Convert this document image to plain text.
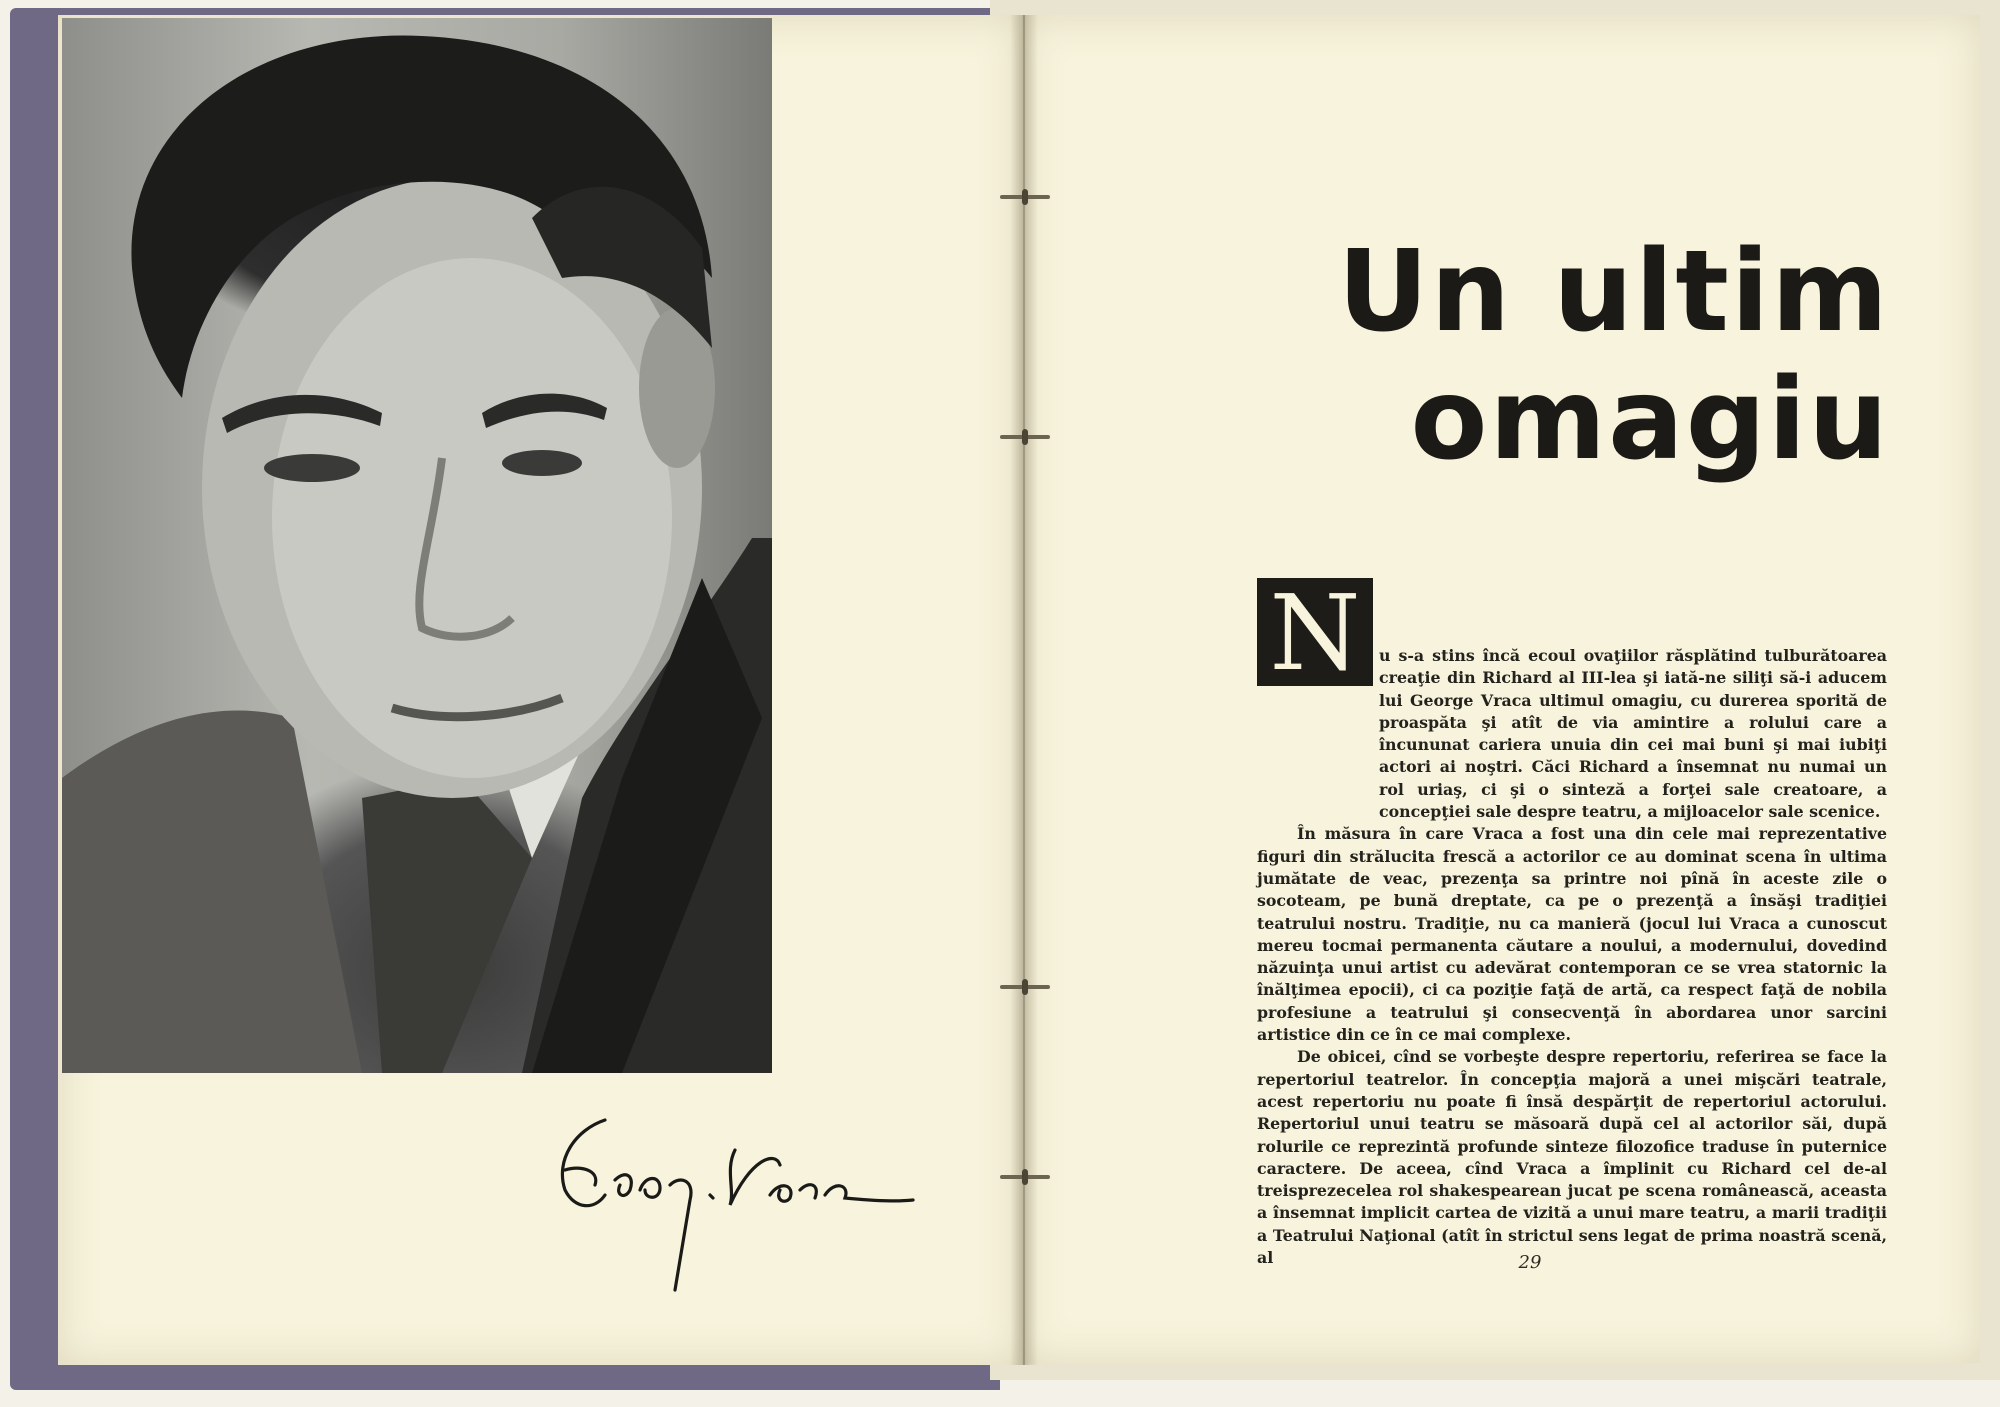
Un ultim
omagiu
N	u s-a stins încă ecoul ovaţiilor răsplătind tulburătoarea creaţie din Richard al III-lea şi iată-ne siliţi să-i aducem lui George Vraca ultimul omagiu, cu durerea sporită de proaspăta şi atît de via amintire a rolului care a încununat cariera unuia din cei mai buni şi mai iubiţi actori ai noştri. Căci Richard a însemnat nu numai un rol uriaş, ci şi o sinteză a forţei sale creatoare, a concepţiei sale despre teatru, a mijloacelor sale scenice.

În măsura în care Vraca a fost una din cele mai reprezentative figuri din strălucita frescă a actorilor ce au dominat scena în ultima jumătate de veac, prezenţa sa printre noi pînă în aceste zile o socoteam, pe bună dreptate, ca pe o prezenţă a însăşi tradiţiei teatrului nostru. Tradiţie, nu ca manieră (jocul lui Vraca a cunoscut mereu tocmai permanenta căutare a noului, a modernului, dovedind năzuinţa unui artist cu adevărat contemporan ce se vrea statornic la înălţimea epocii), ci ca poziţie faţă de artă, ca respect faţă de nobila profesiune a teatrului şi consecvenţă în abordarea unor sarcini artistice din ce în ce mai complexe.

De obicei, cînd se vorbeşte despre repertoriu, referirea se face la repertoriul teatrelor. În concepţia majoră a unei mişcări teatrale, acest repertoriu nu poate fi însă despărţit de repertoriul actorului. Repertoriul unui teatru se măsoară după cel al actorilor săi, după rolurile ce reprezintă profunde sinteze filozofice traduse în puternice caractere. De aceea, cînd Vraca a împlinit cu Richard cel de-al treisprezecelea rol shakespearean jucat pe scena românească, aceasta a însemnat implicit cartea de vizită a unui mare teatru, a marii tradiţii a Teatrului Naţional (atît în strictul sens legat de prima noastră scenă, al	29
